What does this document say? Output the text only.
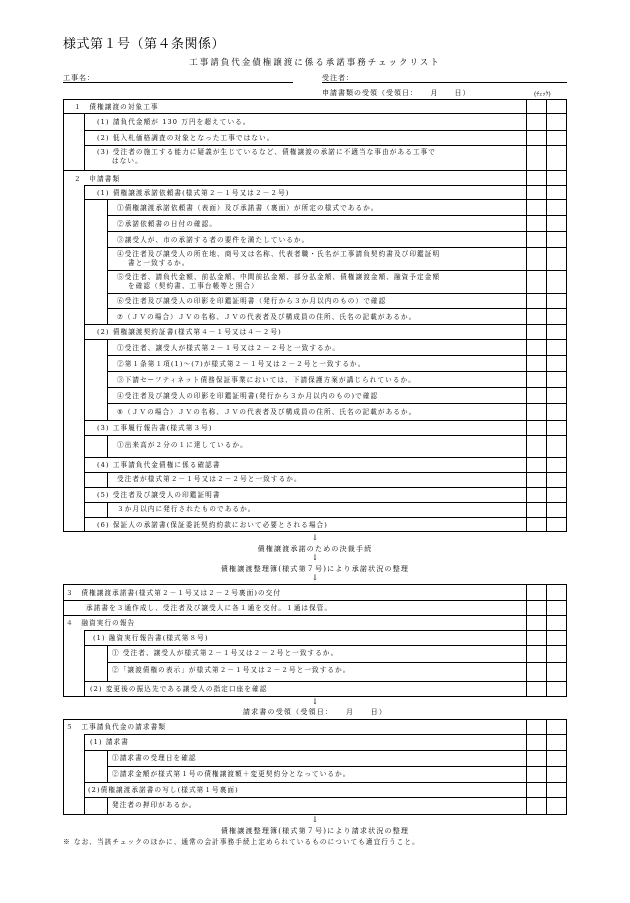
様式第１号（第４条関係）
工事請負代金債権譲渡に係る承諾事務チェックリスト
工事名：	受注者：
申請書類の受領（受領日：　　月　　日）	(ﾁｪｯｸ)
１　債権譲渡の対象工事
(1) 請負代金額が 130 万円を超えている。
(2) 低入札価格調査の対象となった工事ではない。
(3) 受注者の施工する能力に疑義が生じているなど、債権譲渡の承諾に不適当な事由がある工事で
はない。
２　申請書類
(1) 債権譲渡承諾依頼書(様式第２－１号又は２－２号)
①債権譲渡承諾依頼書（表面）及び承諾書（裏面）が所定の様式であるか。
②承諾依頼書の日付の確認。
③譲受人が、市の承諾する者の要件を満たしているか。
④受注者及び譲受人の所在地、商号又は名称、代表者職・氏名が工事請負契約書及び印鑑証明
書と一致するか。
⑤受注者、請負代金額、前払金額、中間前払金額、部分払金額、債権譲渡金額、融資予定金額
を確認（契約書、工事台帳等と照合）
⑥受注者及び譲受人の印影を印鑑証明書（発行から３か月以内のもの）で確認
⑦（ＪＶの場合）ＪＶの名称、ＪＶの代表者及び構成員の住所、氏名の記載があるか。
(2) 債権譲渡契約証書(様式第４－１号又は４－２号)
①受注者、譲受人が様式第２－１号又は２－２号と一致するか。
②第１条第１項(1)～(7)が様式第２－１号又は２－２号と一致するか。
③下請セーフティネット債務保証事業においては、下請保護方案が講じられているか。
④受注者及び譲受人の印影を印鑑証明書(発行から３か月以内のもの)で確認
⑤（ＪＶの場合）ＪＶの名称、ＪＶの代表者及び構成員の住所、氏名の記載があるか。
(3) 工事履行報告書(様式第３号)
①出来高が２分の１に達しているか。
(4) 工事請負代金債権に係る確認書
受注者が様式第２－１号又は２－２号と一致するか。
(5) 受注者及び譲受人の印鑑証明書
３か月以内に発行されたものであるか。
(6) 保証人の承諾書(保証委託契約約款において必要とされる場合)
↓
債権譲渡承諾のための決裁手続
↓
債権譲渡整理簿(様式第７号)により承諾状況の整理
↓
３　債権譲渡承諾書(様式第２－１号又は２－２号裏面)の交付
承諾書を３通作成し、受注者及び譲受人に各１通を交付。１通は保管。
４　融資実行の報告
(1) 融資実行報告書(様式第８号)
① 受注者、譲受人が様式第２－１号又は２－２号と一致するか。
②「譲渡債権の表示」が様式第２－１号又は２－２号と一致するか。
(2) 変更後の振込先である譲受人の指定口座を確認
↓
請求書の受領（受領日：　　月　　日）
５　工事請負代金の請求書類
(1) 請求書
①請求書の受理日を確認
②請求金額が様式第１号の債権譲渡額＋変更契約分となっているか。
(2)債権譲渡承諾書の写し(様式第１号裏面)
発注者の押印があるか。
↓
債権譲渡整理簿(様式第７号)により請求状況の整理
※ なお、当該チェックのほかに、通常の会計事務手続上定められているものについても適宜行うこと。
